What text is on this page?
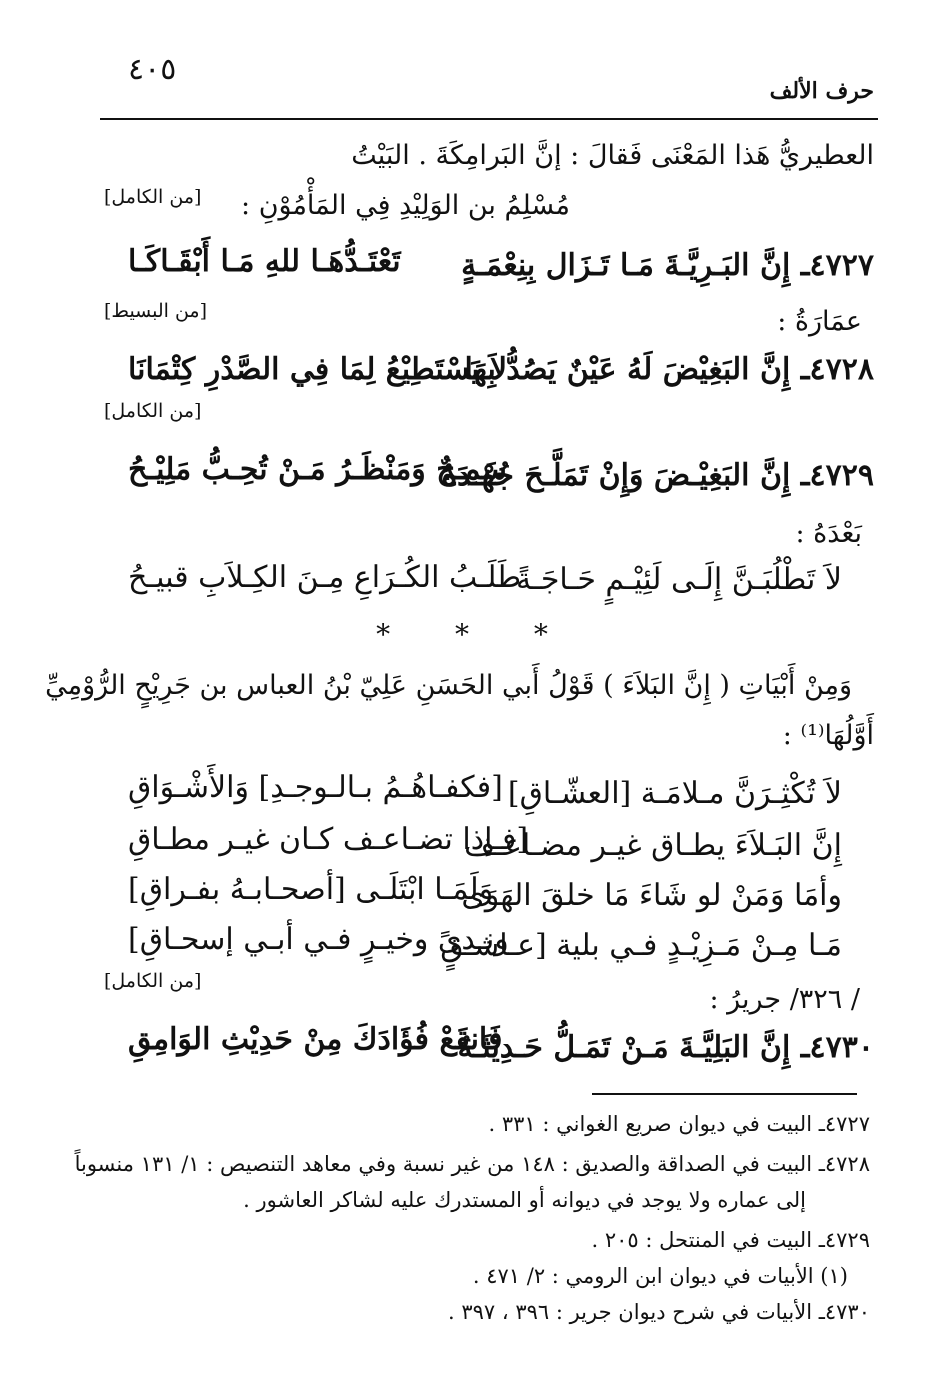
٤٠٥
حرف الألف
العطيريُّ هَذا المَعْنَى فَقالَ : إنَّ البَرامِكَةَ . البَيْتُ
مُسْلِمُ بن الوَلِيْدِ فِي المَأْمُوْنِ :
[من الكامل]
٤٧٢٧ـ إِنَّ البَـرِيَّـةَ مَـا تَـزَال بِنِعْمَـةٍ
تَعْتَـدُّهَـا للهِ مَـا أَبْقَـاكَـا
[من البسيط]	عمَارَةُ :
٤٧٢٨ـ إِنَّ البَغِيْضَ لَهُ عَيْنٌ يَصُدُّ بِهَا
لاَ يَسْتَطِيْعُ لِمَا فِي الصَّدْرِ كِتْمَانَا
[من الكامل]
٤٧٢٩ـ إِنَّ البَغِيْـضَ وَإِنْ تَمَلَّـحَ جُهْـدَهُ
سَمِـجٌ وَمَنْظَـرُ مَـنْ تُحِـبُّ مَلِيْـحُ
بَعْدَهُ :
لاَ تَطْلُبَـنَّ إِلَـى لَئِيْـمٍ حَـاجَـةً
طَلَـبُ الكُـرَاعِ مِـنَ الكِـلاَبِ قبيـحُ
* * *
وَمِنْ أَبْيَاتِ ( إِنَّ البَلاَءَ ) قَوْلُ أَبي الحَسَنِ عَلِيّ بْنُ العباس بن جَرِيْحٍ الرُّوْمِيِّ
أَوَّلُهَا⁽¹⁾ :
لاَ تُكْثِـرَنَّ مـلامَـة [العشّـاقِ]
[فكفـاهُـمُ بـالـوجـدِ] وَالأَشْـوَاقِ
إِنَّ البَـلاَءَ يطـاق غيـر مضـاعـف
[فـإذا تضـاعـف كـان غيـر مطـاقِ
وأمَا وَمَنْ لو شَاءَ مَا خلقَ الهَوَى
وَلَمَـا ابْتَلَـى [أصحـابـهُ بفـراقِ]
مَـا مِـنْ مَـزِيْـدٍ فـي بلية [عـاشـقٍ
ونـدىً وخيـرٍ فـي أبـي إسحـاقِ]
[من الكامل]
/ ٣٢٦/ جريرُ :
٤٧٣٠ـ إِنَّ البَلِيَّـةَ مَـنْ تَمَـلُّ حَـدِيْثَـهُ
فَانقَعْ فُؤَادَكَ مِنْ حَدِيْثِ الوَامِقِ
٤٧٢٧ـ البيت في ديوان صريع الغواني : ٣٣١ .
٤٧٢٨ـ البيت في الصداقة والصديق : ١٤٨ من غير نسبة وفي معاهد التنصيص : ١/ ١٣١ منسوباً
إلى عماره ولا يوجد في ديوانه أو المستدرك عليه لشاكر العاشور .
٤٧٢٩ـ البيت في المنتحل : ٢٠٥ .
(١) الأبيات في ديوان ابن الرومي : ٢/ ٤٧١ .
٤٧٣٠ـ الأبيات في شرح ديوان جرير : ٣٩٦ ، ٣٩٧ .
